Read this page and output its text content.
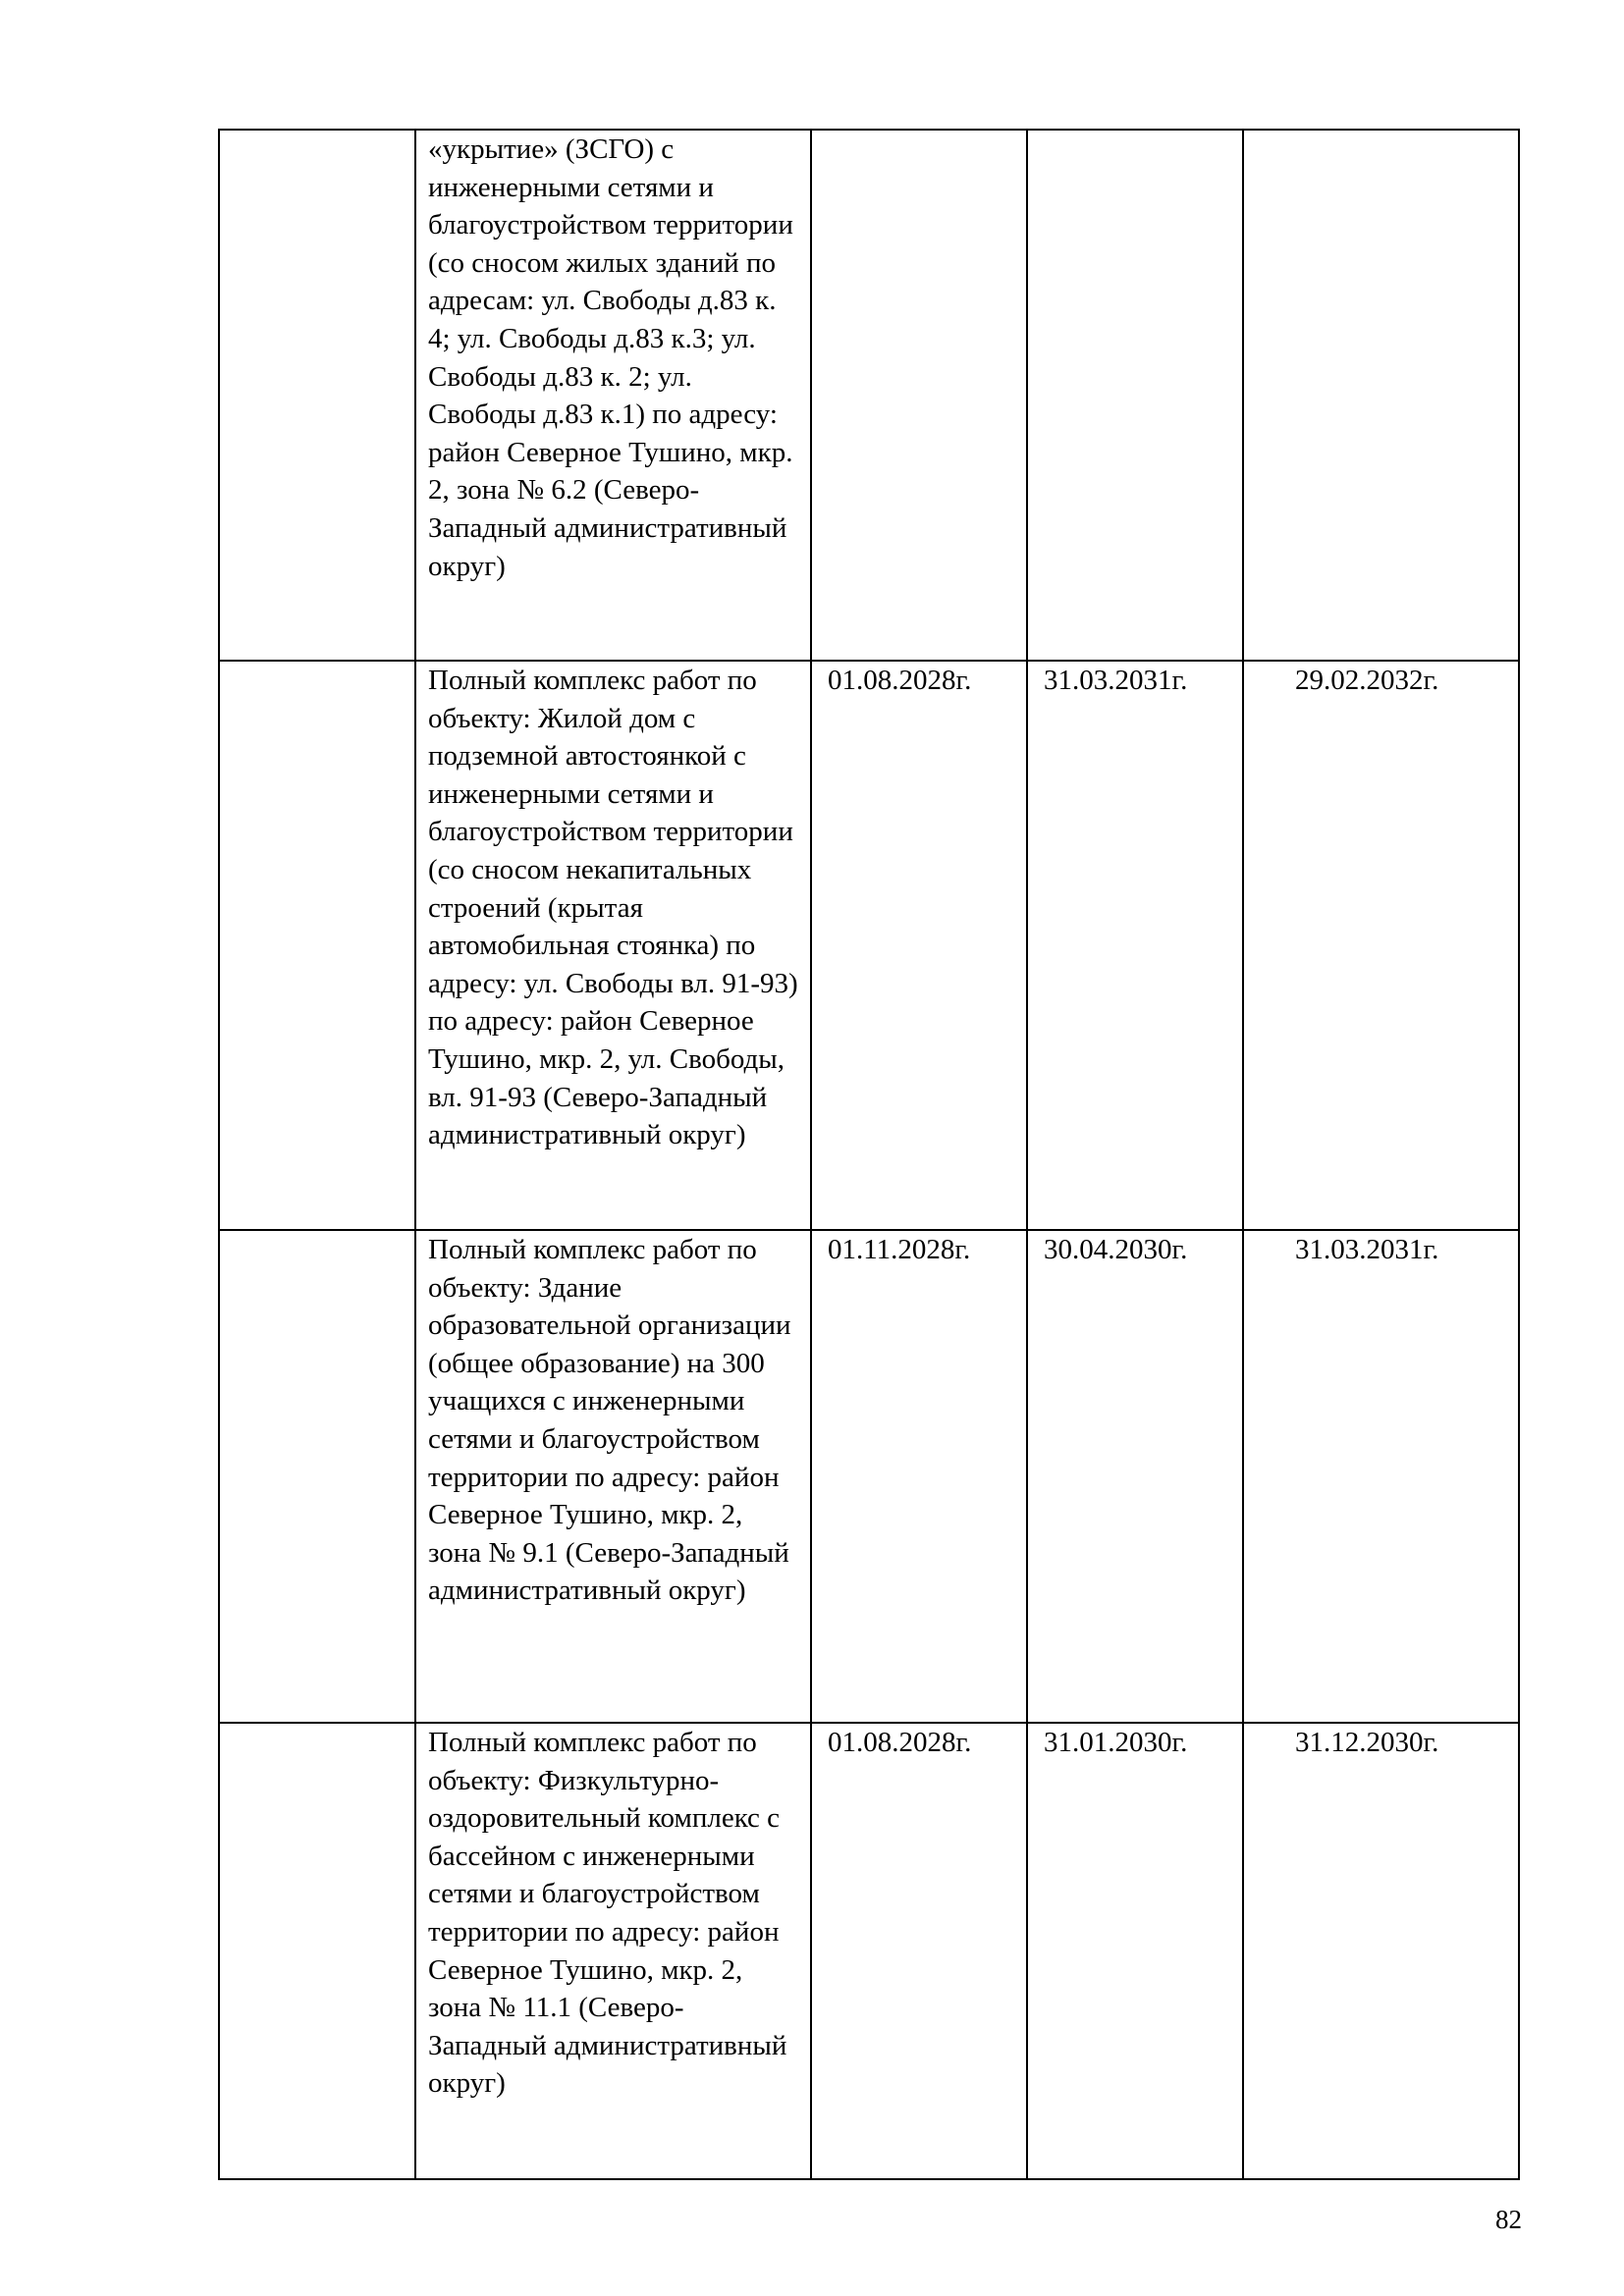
	«укрытие» (ЗСГО) с инженерными сетями и благоустройством территории (со сносом жилых зданий по адресам: ул. Свободы д.83 к. 4; ул. Свободы д.83 к.3; ул. Свободы д.83 к. 2; ул. Свободы д.83 к.1) по адресу: район Северное Тушино, мкр. 2, зона № 6.2 (Северо-Западный административный округ)			
	Полный комплекс работ по объекту: Жилой дом с подземной автостоянкой с инженерными сетями и благоустройством территории (со сносом некапитальных строений (крытая автомобильная стоянка) по адресу: ул. Свободы вл. 91-93) по адресу: район Северное Тушино, мкр. 2, ул. Свободы, вл. 91-93 (Северо-Западный административный округ)	01.08.2028г.	31.03.2031г.	29.02.2032г.
	Полный комплекс работ по объекту: Здание образовательной организации (общее образование) на 300 учащихся с инженерными сетями и благоустройством территории по адресу: район Северное Тушино, мкр. 2, зона № 9.1 (Северо-Западный административный округ)	01.11.2028г.	30.04.2030г.	31.03.2031г.
	Полный комплекс работ по объекту: Физкультурно-оздоровительный комплекс с бассейном с инженерными сетями и благоустройством территории по адресу: район Северное Тушино, мкр. 2, зона № 11.1 (Северо-Западный административный округ)	01.08.2028г.	31.01.2030г.	31.12.2030г.
82
